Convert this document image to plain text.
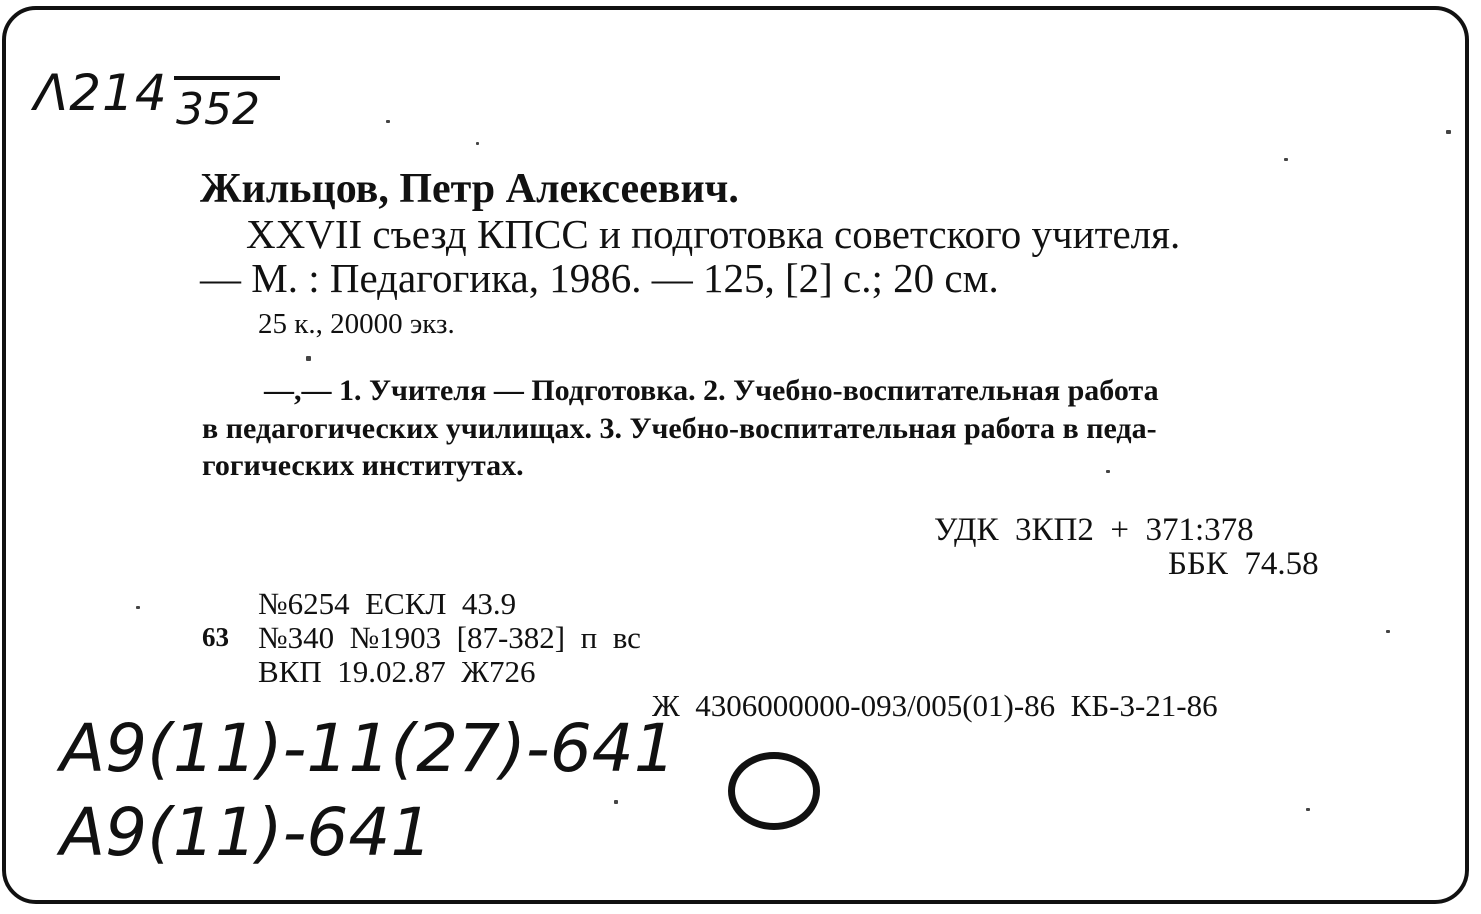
Λ214 352
Жильцов, Петр Алексеевич.
XXVII съезд КПСС и подготовка советского учителя.
— М. : Педагогика, 1986. — 125, [2] с.; 20 см.
25 к., 20000 экз.
—,— 1. Учителя — Подготовка. 2. Учебно-воспитательная работа
в педагогических училищах. 3. Учебно-воспитательная работа в педа-
гогических институтах.
УДК  3КП2  +  371:378
ББК  74.58
№6254  ЕСКЛ  43.9
63 №340  №1903  [87-382]  п  вс
ВКП  19.02.87  Ж726
Ж  4306000000-093/005(01)-86  КБ-3-21-86
А9(11)-11(27)-641
А9(11)-641
